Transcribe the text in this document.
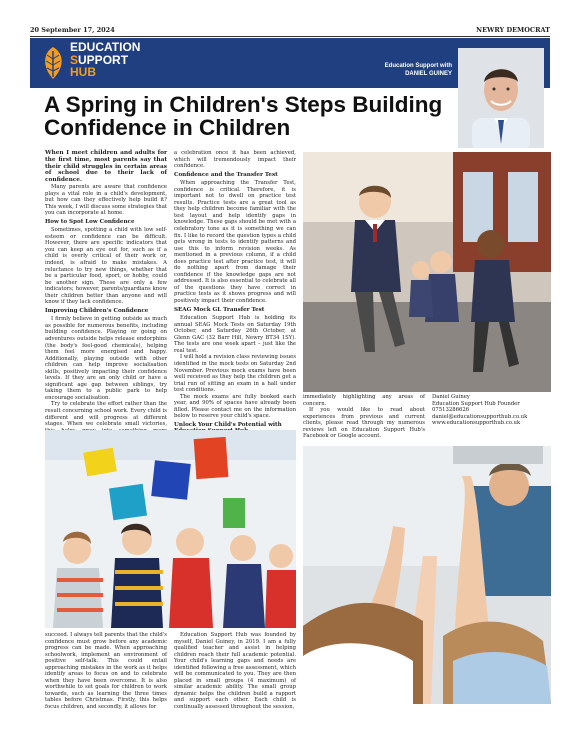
20 September 17, 2024	NEWRY DEMOCRAT
EDUCATION
SUPPORT
HUB	Education Support with
DANIEL GUINEY
A Spring in Children's Steps Building Confidence in Children

When I meet children and adults for the first time, most parents say that their child struggles in certain areas of school due to their lack of confidence.

Many parents are aware that confidence plays a vital role in a child's development, but how can they effectively help build it? This week, I will discuss some strategies that you can incorporate at home.

How to Spot Low Confidence

Sometimes, spotting a child with low self-esteem or confidence can be difficult. However, there are specific indicators that you can keep an eye out for, such as if a child is overly critical of their work or, indeed, is afraid to make mistakes. A reluctance to try new things, whether that be a particular food, sport, or hobby, could be another sign. These are only a few indicators; however, parents/guardians know their children better than anyone and will know if they lack confidence.

Improving Children's Confidence

I firmly believe in getting outside as much as possible for numerous benefits, including building confidence. Playing or going on adventures outside helps release endorphins (the body's feel-good chemicals), helping them feel more energised and happy. Additionally, playing outside with other children can help improve socialisation skills, positively impacting their confidence levels. If they are an only child or have a significant age gap between siblings, try taking them to a public park to help encourage socialisation.

Try to celebrate the effort rather than the result concerning school work. Every child is different and will progress at different stages. When we celebrate small victories,

a celebration once it has been achieved, which will tremendously impact their confidence.

Confidence and the Transfer Test

When approaching the Transfer Test, confidence is critical. Therefore, it is important not to dwell on practice test results. Practice tests are a great tool as they help children become familiar with the test layout and help identify gaps in knowledge. These gaps should be met with a celebratory tone as it is something we can fix. I like to record the question types a child gets wrong in tests to identify patterns and use this to inform revision weeks. As mentioned in a previous column, if a child does practice test after practice test, it will do nothing apart from damage their confidence if the knowledge gaps are not addressed. It is also essential to celebrate all of the questions they have correct in practice tests as it shows progress and will positively impact their confidence.

SEAG Mock GL Transfer Test

Education Support Hub is holding its annual SEAG Mock Tests on Saturday 19th October, and Saturday 26th October, at Glenn GAC (32 Barr Hill, Newry BT34 1SY). The tests are one week apart – just like the real test.

I will hold a revision class reviewing issues identified in the mock tests on Saturday 2nd November. Previous mock exams have been well received as they help the children get a trial run of sitting an exam in a hall under test conditions.

The mock exams are fully booked each year, and 90% of spaces have already been filled. Please contact me on the information below to reserve your child's space.

Unlock Your Child's Potential with

immediately highlighting any areas of concern.

If you would like to read about experiences from previous and current clients, please read through my numerous reviews left on Education Support Hub's Facebook or Google account.

Daniel Guiney
Education Support Hub Founder
07513286626
daniel@educationsupporthub.co.uk
www.educationsupporthub.co.uk

succeed. I always tell parents that the child's confidence must grow before any academic progress can be made. When approaching schoolwork, implement an environment of positive self-talk. This could entail approaching mistakes in the work as it helps identify areas to focus on and to celebrate when they have been overcome. It is also worthwhile to set goals for children to work towards, such as learning the three times tables before Christmas. Firstly, this helps focus children, and secondly, it allows for

Education Support Hub was founded by myself, Daniel Guiney, in 2019. I am a fully qualified teacher and assist in helping children reach their full academic potential. Your child's learning gaps and needs are identified following a free assessment, which will be communicated to you. They are then placed in small groups (4 maximum) of similar academic ability. The small group dynamic helps the children build a rapport and support each other. Each child is continually assessed throughout the session,
